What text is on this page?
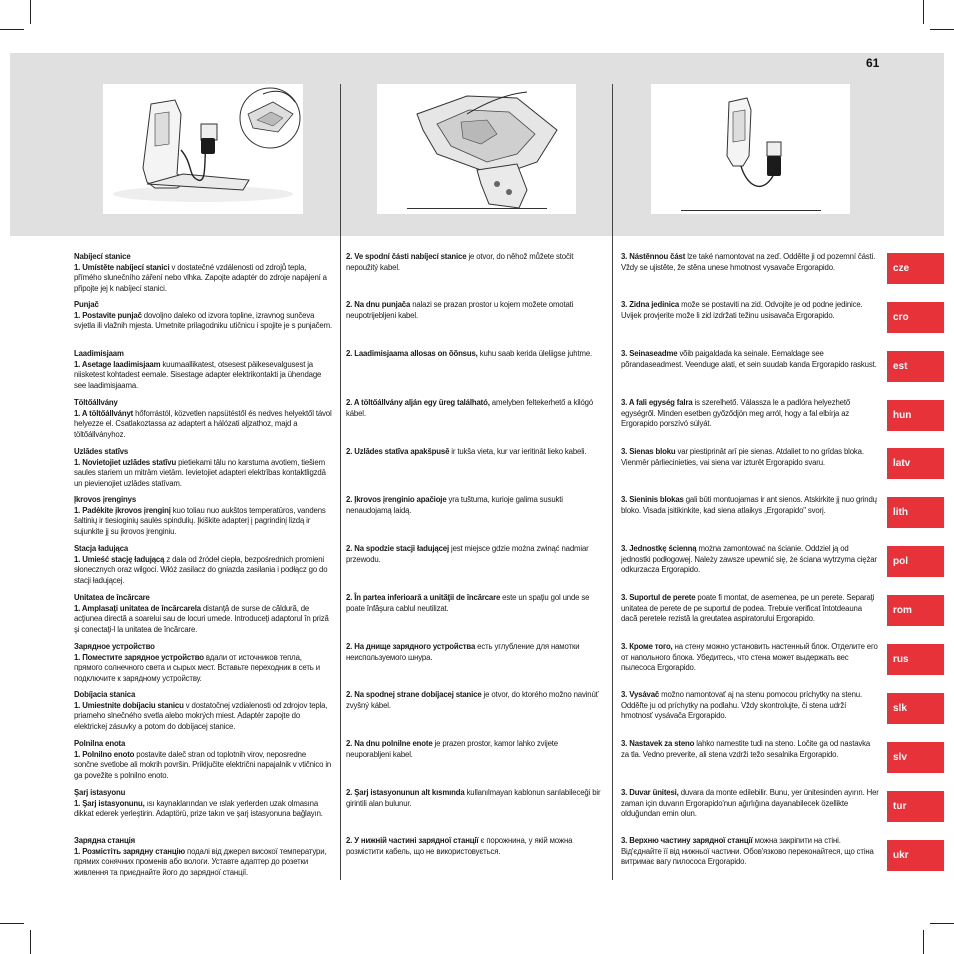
61
Nabíjecí stanice
1. Umístěte nabíjecí stanici v dostatečné vzdálenosti od zdrojů tepla, přímého slunečního záření nebo vlhka. Zapojte adaptér do zdroje napájení a připojte jej k nabíjecí stanici.
Punjač
1. Postavite punjač dovoljno daleko od izvora topline, izravnog sunčeva svjetla ili vlažnih mjesta. Umetnite prilagodniku utičnicu i spojite je s punjačem.
Laadimisjaam
1. Asetage laadimisjaam kuumaallikatest, otsesest päikesevalgusest ja niisketest kohtadest eemale. Sisestage adapter elektrikontakti ja ühendage see laadimisjaama.
Töltőállvány
1. A töltőállványt hőforrástól, közvetlen napsütéstől és nedves helyektől távol helyezze el. Csatlakoztassa az adaptert a hálózati aljzathoz, majd a töltőállványhoz.
Uzlādes statīvs
1. Novietojiet uzlādes statīvu pietiekami tālu no karstuma avotiem, tiešiem saules stariem un mitrām vietām. Ievietojiet adapteri elektrības kontaktligzdā un pievienojiet uzlādes statīvam.
Įkrovos įrenginys
1. Padėkite įkrovos įrenginį kuo toliau nuo aukštos temperatūros, vandens šaltinių ir tiesioginių saulės spindulių. Įkiškite adapterį į pagrindinį lizdą ir sujunkite jį su įkrovos įrenginiu.
Stacja ładująca
1. Umieść stację ładującą z dala od źródeł ciepła, bezpośrednich promieni słonecznych oraz wilgoci. Włóż zasilacz do gniazda zasilania i podłącz go do stacji ładującej.
Unitatea de încărcare
1. Amplasaţi unitatea de încărcarela distanţă de surse de căldură, de acţiunea directă a soarelui sau de locuri umede. Introduceţi adaptorul în priză şi conectaţi-l la unitatea de încărcare.
Зарядное устройство
1. Поместите зарядное устройство вдали от источников тепла, прямого солнечного света и сырых мест. Вставьте переходник в сеть и подключите к зарядному устройству.
Dobíjacia stanica
1. Umiestnite dobíjaciu stanicu v dostatočnej vzdialenosti od zdrojov tepla, priameho slnečného svetla alebo mokrých miest. Adaptér zapojte do elektrickej zásuvky a potom do dobíjacej stanice.
Polnilna enota
1. Polnilno enoto postavite daleč stran od toplotnih virov, neposredne sončne svetlobe ali mokrih površin. Priključite električni napajalnik v vtičnico in ga povežite s polnilno enoto.
Şarj istasyonu
1. Şarj istasyonunu, ısı kaynaklarından ve ıslak yerlerden uzak olmasına dikkat ederek yerleştirin. Adaptörü, prize takın ve şarj istasyonuna bağlayın.
Зарядна станція
1. Розмістіть зарядну станцію подалі від джерел високої температури, прямих сонячних променів або вологи. Уставте адаптер до розетки живлення та приєднайте його до зарядної станції.
2. Ve spodní části nabíjecí stanice je otvor, do něhož můžete stočit nepoužitý kabel.
2. Na dnu punjača nalazi se prazan prostor u kojem možete omotati neupotrijebljeni kabel.
2. Laadimisjaama allosas on õõnsus, kuhu saab kerida üleliigse juhtme.
2. A töltőállvány alján egy üreg található, amelyben feltekerhető a kilógó kábel.
2. Uzlādes statīva apakšpusē ir tukša vieta, kur var ieritināt lieko kabeli.
2. Įkrovos įrenginio apačioje yra tuštuma, kurioje galima susukti nenaudojamą laidą.
2. Na spodzie stacji ładującej jest miejsce gdzie można zwinąć nadmiar przewodu.
2. În partea inferioară a unităţii de încărcare este un spaţiu gol unde se poate înfăşura cablul neutilizat.
2. На днище зарядного устройства есть углубление для намотки неиспользуемого шнура.
2. Na spodnej strane dobíjacej stanice je otvor, do ktorého možno navinúť zvyšný kábel.
2. Na dnu polnilne enote je prazen prostor, kamor lahko zvijete neuporabljeni kabel.
2. Şarj istasyonunun alt kısmında kullanılmayan kablonun sarılabileceği bir girintili alan bulunur.
2. У нижній частині зарядної станції є порожнина, у якій можна розмістити кабель, що не використовується.
3. Nástěnnou část lze také namontovat na zeď. Oddělte ji od pozemní části. Vždy se ujistěte, že stěna unese hmotnost vysavače Ergorapido.
3. Zidna jedinica može se postaviti na zid. Odvojite je od podne jedinice. Uvijek provjerite može li zid izdržati težinu usisavača Ergorapido.
3. Seinaseadme võib paigaldada ka seinale. Eemaldage see põrandaseadmest. Veenduge alati, et sein suudab kanda Ergorapido raskust.
3. A fali egység falra is szerelhető. Válassza le a padlóra helyezhető egységről. Minden esetben győződjön meg arról, hogy a fal elbírja az Ergorapido porszívó súlyát.
3. Sienas bloku var piestiprināt arī pie sienas. Atdaliet to no grīdas bloka. Vienmēr pārliecinieties, vai siena var izturēt Ergorapido svaru.
3. Sieninis blokas gali būti montuojamas ir ant sienos. Atskirkite jį nuo grindų bloko. Visada įsitikinkite, kad siena atlaikys „Ergorapido" svorį.
3. Jednostkę ścienną można zamontować na ścianie. Oddziel ją od jednostki podłogowej. Należy zawsze upewnić się, że ściana wytrzyma ciężar odkurzacza Ergorapido.
3. Suportul de perete poate fi montat, de asemenea, pe un perete. Separaţi unitatea de perete de pe suportul de podea. Trebuie verificat întotdeauna dacă peretele rezistă la greutatea aspiratorului Ergorapido.
3. Кроме того, на стену можно установить настенный блок. Отделите его от напольного блока. Убедитесь, что стена может выдержать вес пылесоса Ergorapido.
3. Vysávač možno namontovať aj na stenu pomocou príchytky na stenu. Odděľte ju od príchytky na podlahu. Vždy skontrolujte, či stena udrží hmotnosť vysávača Ergorapido.
3. Nastavek za steno lahko namestite tudi na steno. Ločite ga od nastavka za tla. Vedno preverite, ali stena vzdrži težo sesalnika Ergorapido.
3. Duvar ünitesi, duvara da monte edilebilir. Bunu, yer ünitesinden ayırın. Her zaman için duvarın Ergorapido'nun ağırlığına dayanabilecek özellikte olduğundan emin olun.
3. Верхню частину зарядної станції можна закріпити на стіні. Від'єднайте її від нижньої частини. Обов'язково переконайтеся, що стіна витримає вагу пилососа Ergorapido.
cze
cro
est
hun
latv
lith
pol
rom
rus
slk
slv
tur
ukr
